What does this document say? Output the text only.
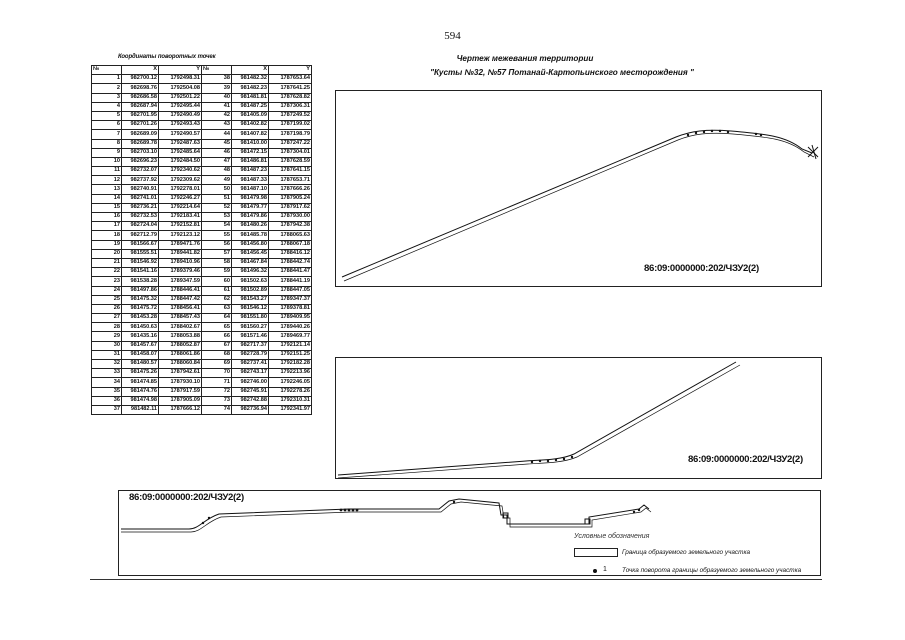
594
Координаты поворотных точек
№	X	Y	№	X	Y
1	982700.12	1792498.31	38	981482.32	1787653.64
2	982698.76	1792504.08	39	981482.23	1787641.25
3	982686.58	1792501.22	40	981481.81	1787628.82
4	982687.94	1792495.44	41	981487.25	1787306.31
5	982701.95	1792490.49	42	981405.09	1787249.52
6	982701.26	1792493.43	43	981402.82	1787199.02
7	982689.09	1792490.57	44	981407.82	1787198.79
8	982689.78	1792487.63	45	981410.00	1787247.22
9	982703.10	1792485.64	46	981472.15	1787304.01
10	982696.23	1792484.50	47	981486.81	1787628.59
11	982732.07	1792340.62	48	981487.23	1787641.15
12	982737.92	1792309.62	49	981487.33	1787653.71
13	982740.91	1792278.01	50	981487.10	1787666.26
14	982741.01	1792246.27	51	981479.98	1787905.24
15	982736.21	1792214.64	52	981479.77	1787917.62
16	982732.53	1792183.41	53	981479.86	1787930.00
17	982724.04	1792152.81	54	981480.26	1787942.38
18	982712.79	1792123.12	55	981485.78	1788065.63
19	981566.67	1789471.76	56	981456.80	1788067.18
20	981555.51	1789441.82	57	981456.45	1788416.12
21	981546.92	1789410.96	58	981467.84	1788442.74
22	981541.16	1789379.46	59	981496.32	1788441.47
23	981538.28	1789347.59	60	981502.63	1788441.19
24	981497.86	1788446.41	61	981502.89	1788447.05
25	981475.32	1788447.42	62	981543.27	1789347.37
26	981475.72	1788456.41	63	981546.12	1789378.81
27	981453.28	1788457.43	64	981551.80	1789409.95
28	981450.63	1788402.67	65	981560.27	1789440.26
29	981435.16	1788053.88	66	981571.46	1789469.77
30	981457.67	1788052.87	67	982717.37	1792121.14
31	981458.07	1788061.86	68	982728.79	1792151.25
32	981480.57	1788060.84	69	982737.41	1792182.28
33	981475.26	1787942.61	70	982743.17	1792213.96
34	981474.85	1787930.10	71	982746.00	1792246.05
35	981474.76	1787917.59	72	982745.91	1792278.26
36	981474.98	1787905.09	73	982742.88	1792310.31
37	981482.11	1787666.12	74	982736.94	1792341.97
Чертеж межевания территории
"Кусты №32, №57 Потанай-Картопьинского месторождения "
86:09:0000000:202/ЧЗУ2(2)
86:09:0000000:202/ЧЗУ2(2)
86:09:0000000:202/ЧЗУ2(2)
Условные обозначения
Граница образуемого земельного участка
1 Точка поворота границы образуемого земельного участка
